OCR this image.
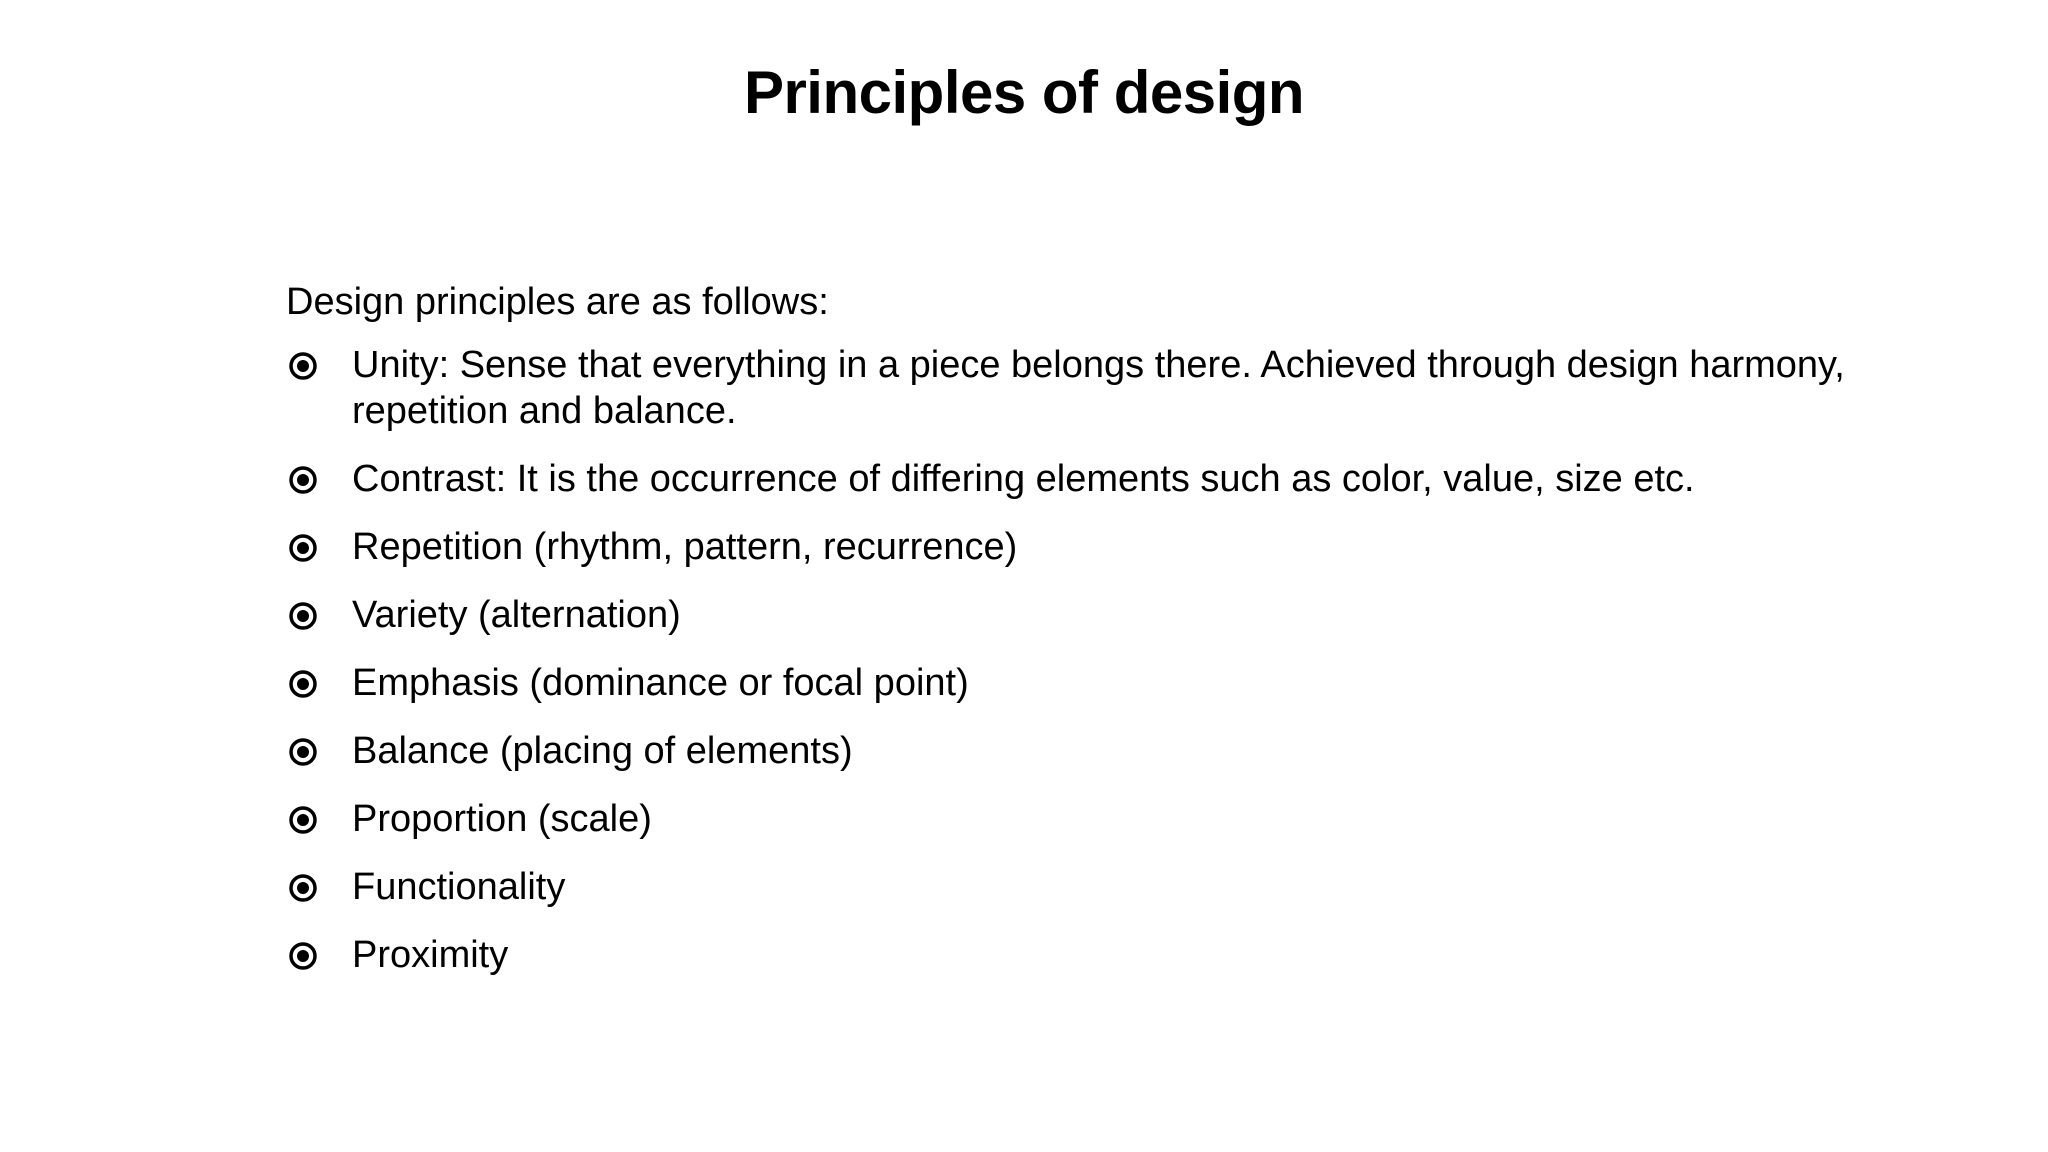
Principles of design

Design principles are as follows:

Unity: Sense that everything in a piece belongs there. Achieved through design harmony, repetition and balance.
Contrast: It is the occurrence of differing elements such as color, value, size etc.
Repetition (rhythm, pattern, recurrence)
Variety (alternation)
Emphasis (dominance or focal point)
Balance (placing of elements)
Proportion (scale)
Functionality
Proximity
